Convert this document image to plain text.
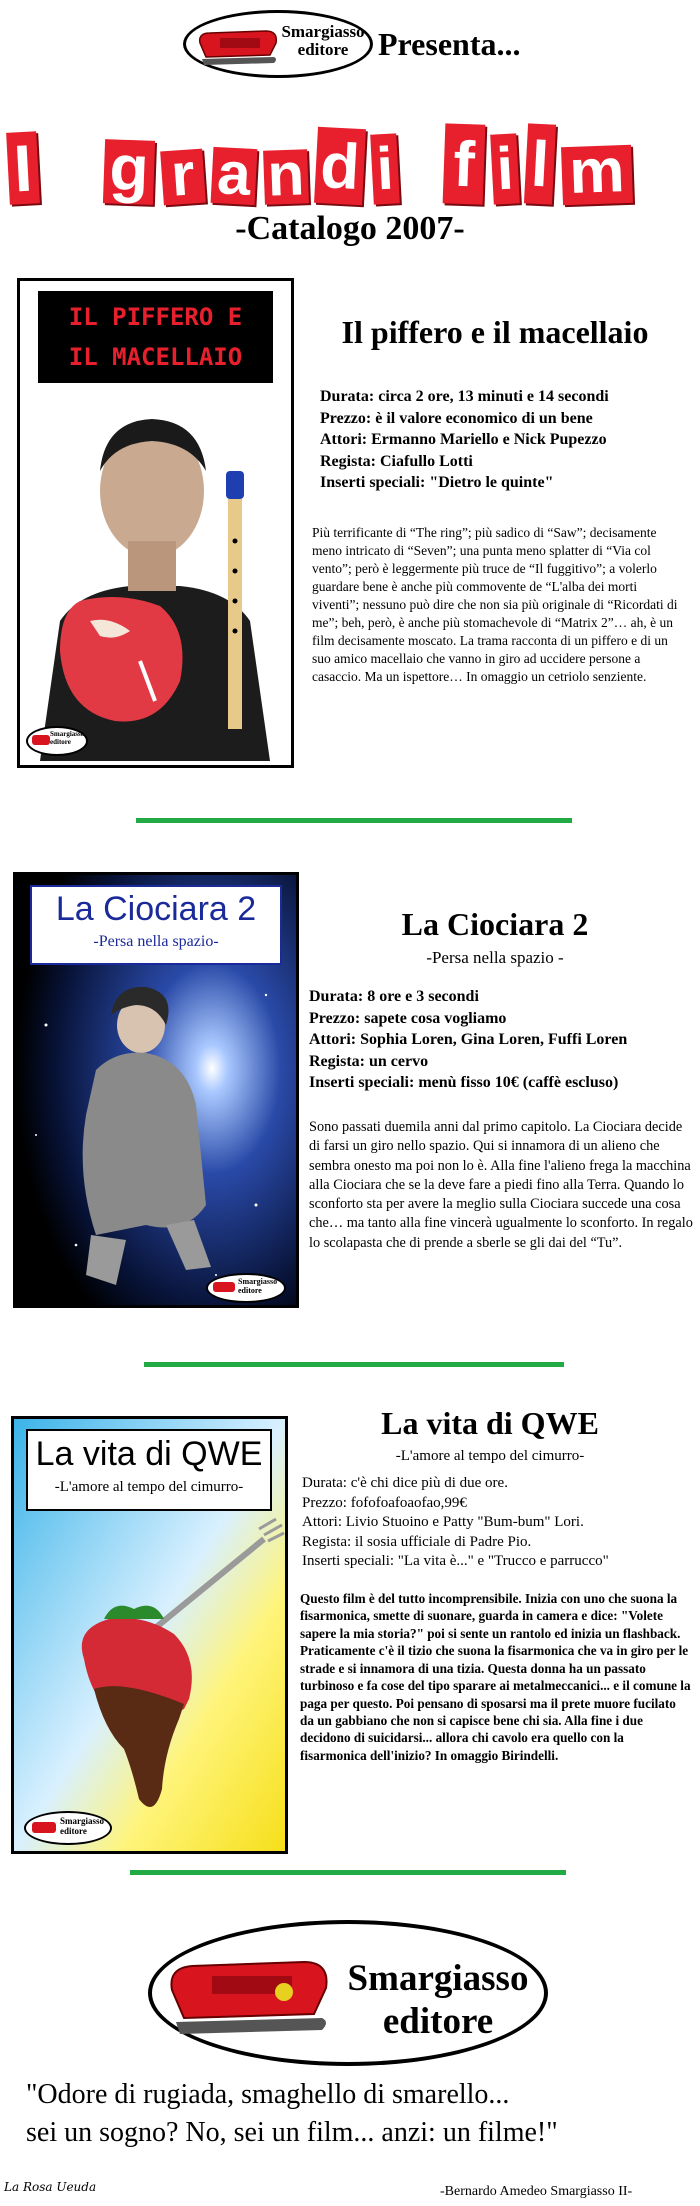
Smargiasso
editore Presenta...
I g r a n d i f i l m
-Catalogo 2007-
IL PIFFERO E
IL MACELLAIO
Smargiasso
editore
Il piffero e il macellaio
Durata: circa 2 ore, 13 minuti e 14 secondi
Prezzo: è il valore economico di un bene
Attori: Ermanno Mariello e Nick Pupezzo
Regista: Ciafullo Lotti
Inserti speciali: "Dietro le quinte"
Più terrificante di “The ring”; più sadico di “Saw”; decisamente meno intricato di “Seven”; una punta meno splatter di “Via col vento”; però è leggermente più truce de “Il fuggitivo”; a volerlo guardare bene è anche più commovente de “L'alba dei morti viventi”; nessuno può dire che non sia più originale di “Ricordati di me”; beh, però, è anche più stomachevole di “Matrix 2”… ah, è un film decisamente moscato. La trama racconta di un piffero e di un suo amico macellaio che vanno in giro ad uccidere persone a casaccio. Ma un ispettore… In omaggio un cetriolo senziente.
La Ciociara 2
-Persa nella spazio-
Smargiasso
editore
La Ciociara 2
-Persa nella spazio -
Durata: 8 ore e 3 secondi
Prezzo: sapete cosa vogliamo
Attori: Sophia Loren, Gina Loren, Fuffi Loren
Regista: un cervo
Inserti speciali: menù fisso 10€ (caffè escluso)
Sono passati duemila anni dal primo capitolo. La Ciociara decide di farsi un giro nello spazio. Qui si innamora di un alieno che sembra onesto ma poi non lo è. Alla fine l'alieno frega la macchina alla Ciociara che se la deve fare a piedi fino alla Terra. Quando lo sconforto sta per avere la meglio sulla Ciociara succede una cosa che… ma tanto alla fine vincerà ugualmente lo sconforto. In regalo lo scolapasta che di prende a sberle se gli dai del “Tu”.
La vita di QWE
-L'amore al tempo del cimurro-
Smargiasso
editore
La vita di QWE
-L'amore al tempo del cimurro-
Durata: c'è chi dice più di due ore.
Prezzo: fofofoafoaofao,99€
Attori: Livio Stuoino e Patty "Bum-bum" Lori.
Regista: il sosia ufficiale di Padre Pio.
Inserti speciali: "La vita è..." e "Trucco e parrucco"
Questo film è del tutto incomprensibile. Inizia con uno che suona la fisarmonica, smette di suonare, guarda in camera e dice: "Volete sapere la mia storia?" poi si sente un rantolo ed inizia un flashback. Praticamente c'è il tizio che suona la fisarmonica che va in giro per le strade e si innamora di una tizia. Questa donna ha un passato turbinoso e fa cose del tipo sparare ai metalmeccanici... e il comune la paga per questo. Poi pensano di sposarsi ma il prete muore fucilato da un gabbiano che non si capisce bene chi sia. Alla fine i due decidono di suicidarsi... allora chi cavolo era quello con la fisarmonica dell'inizio? In omaggio Birindelli.
Smargiasso
editore
"Odore di rugiada, smaghello di smarello...
sei un sogno? No, sei un film... anzi: un filme!"
La Rosa Ueuda	-Bernardo Amedeo Smargiasso II-
